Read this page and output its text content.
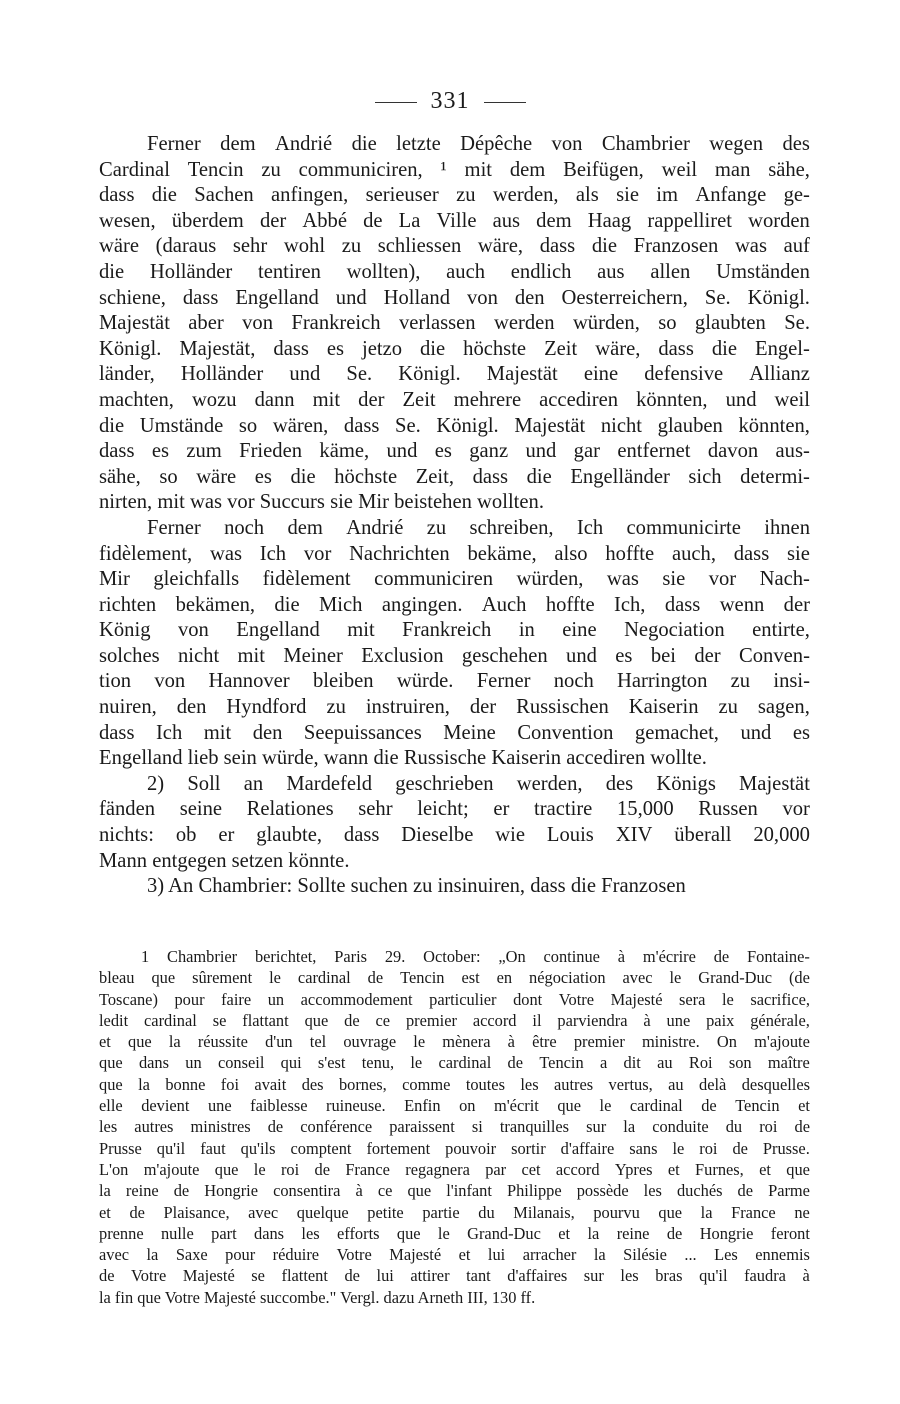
331
Ferner dem Andrié die letzte Dépêche von Chambrier wegen des
Cardinal Tencin zu communiciren, ¹ mit dem Beifügen, weil man sähe,
dass die Sachen anfingen, serieuser zu werden, als sie im Anfange ge-
wesen, überdem der Abbé de La Ville aus dem Haag rappelliret worden
wäre (daraus sehr wohl zu schliessen wäre, dass die Franzosen was auf
die Holländer tentiren wollten), auch endlich aus allen Umständen
schiene, dass Engelland und Holland von den Oesterreichern, Se. Königl.
Majestät aber von Frankreich verlassen werden würden, so glaubten Se.
Königl. Majestät, dass es jetzo die höchste Zeit wäre, dass die Engel-
länder, Holländer und Se. Königl. Majestät eine defensive Allianz
machten, wozu dann mit der Zeit mehrere accediren könnten, und weil
die Umstände so wären, dass Se. Königl. Majestät nicht glauben könnten,
dass es zum Frieden käme, und es ganz und gar entfernet davon aus-
sähe, so wäre es die höchste Zeit, dass die Engelländer sich determi-
nirten, mit was vor Succurs sie Mir beistehen wollten.
Ferner noch dem Andrié zu schreiben, Ich communicirte ihnen
fidèlement, was Ich vor Nachrichten bekäme, also hoffte auch, dass sie
Mir gleichfalls fidèlement communiciren würden, was sie vor Nach-
richten bekämen, die Mich angingen. Auch hoffte Ich, dass wenn der
König von Engelland mit Frankreich in eine Negociation entirte,
solches nicht mit Meiner Exclusion geschehen und es bei der Conven-
tion von Hannover bleiben würde. Ferner noch Harrington zu insi-
nuiren, den Hyndford zu instruiren, der Russischen Kaiserin zu sagen,
dass Ich mit den Seepuissances Meine Convention gemachet, und es
Engelland lieb sein würde, wann die Russische Kaiserin accediren wollte.
2) Soll an Mardefeld geschrieben werden, des Königs Majestät
fänden seine Relationes sehr leicht; er tractire 15,000 Russen vor
nichts: ob er glaubte, dass Dieselbe wie Louis XIV überall 20,000
Mann entgegen setzen könnte.
3) An Chambrier: Sollte suchen zu insinuiren, dass die Franzosen
1 Chambrier berichtet, Paris 29. October: „On continue à m'écrire de Fontaine-
bleau que sûrement le cardinal de Tencin est en négociation avec le Grand-Duc (de
Toscane) pour faire un accommodement particulier dont Votre Majesté sera le sacrifice,
ledit cardinal se flattant que de ce premier accord il parviendra à une paix générale,
et que la réussite d'un tel ouvrage le mènera à être premier ministre. On m'ajoute
que dans un conseil qui s'est tenu, le cardinal de Tencin a dit au Roi son maître
que la bonne foi avait des bornes, comme toutes les autres vertus, au delà desquelles
elle devient une faiblesse ruineuse. Enfin on m'écrit que le cardinal de Tencin et
les autres ministres de conférence paraissent si tranquilles sur la conduite du roi de
Prusse qu'il faut qu'ils comptent fortement pouvoir sortir d'affaire sans le roi de Prusse.
L'on m'ajoute que le roi de France regagnera par cet accord Ypres et Furnes, et que
la reine de Hongrie consentira à ce que l'infant Philippe possède les duchés de Parme
et de Plaisance, avec quelque petite partie du Milanais, pourvu que la France ne
prenne nulle part dans les efforts que le Grand-Duc et la reine de Hongrie feront
avec la Saxe pour réduire Votre Majesté et lui arracher la Silésie ... Les ennemis
de Votre Majesté se flattent de lui attirer tant d'affaires sur les bras qu'il faudra à
la fin que Votre Majesté succombe." Vergl. dazu Arneth III, 130 ff.
